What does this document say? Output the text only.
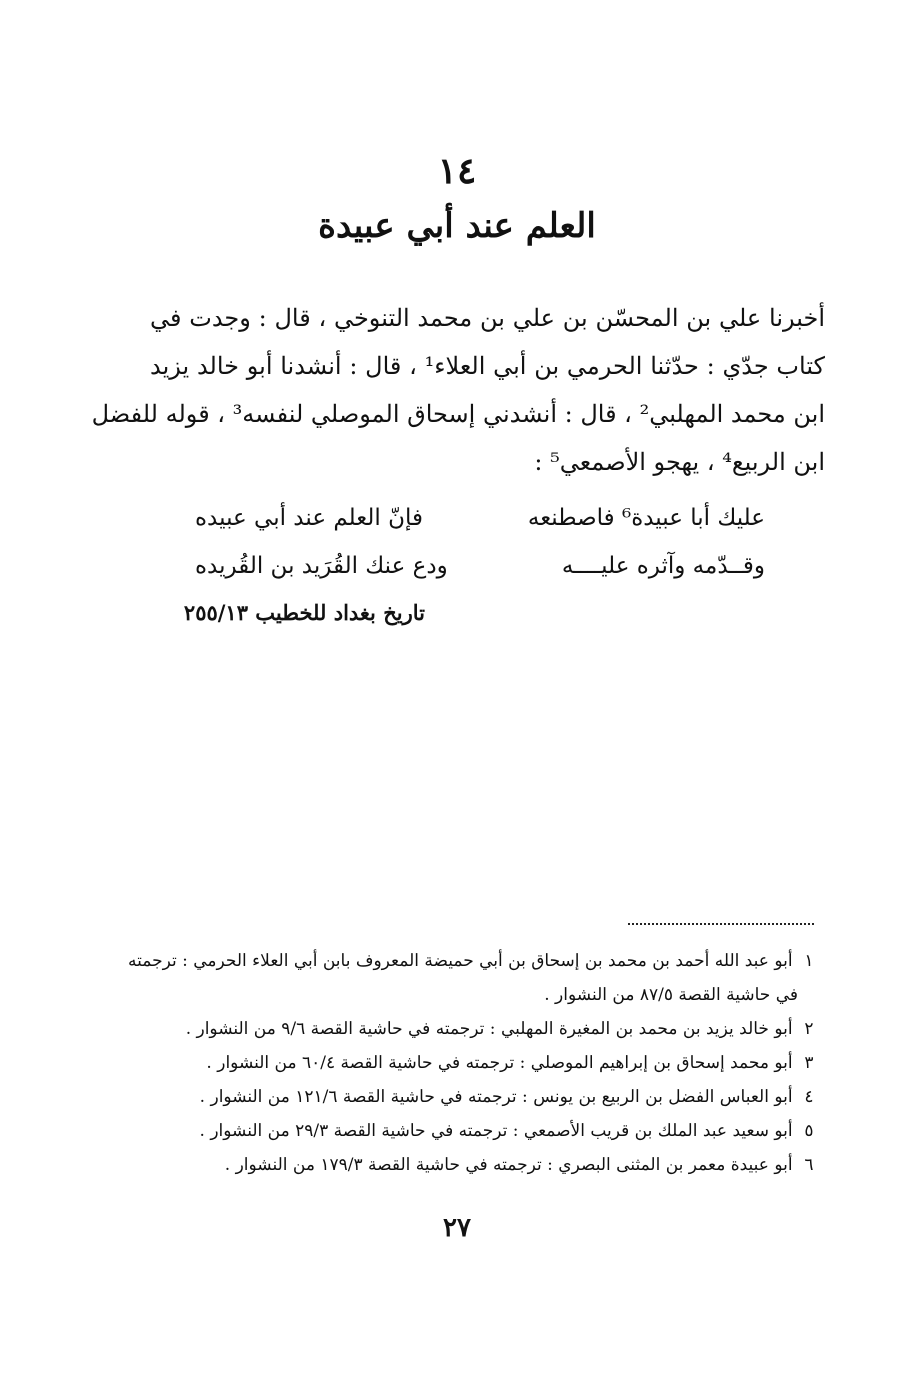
١٤
العلم عند أبي عبيدة
أخبرنا علي بن المحسّن بن علي بن محمد التنوخي ، قال : وجدت في
كتاب جدّي : حدّثنا الحرمي بن أبي العلاء¹ ، قال : أنشدنا أبو خالد يزيد
ابن محمد المهلبي² ، قال : أنشدني إسحاق الموصلي لنفسه³ ، قوله للفضل
ابن الربيع⁴ ، يهجو الأصمعي⁵ :
عليك أبا عبيدة⁶ فاصطنعه
فإنّ العلم عند أبي عبيده
وقــدّمه وآثره عليــــه
ودع عنك القُرَيد بن القُريده
تاريخ بغداد للخطيب ٢٥٥/١٣
١ أبو عبد الله أحمد بن محمد بن إسحاق بن أبي حميضة المعروف بابن أبي العلاء الحرمي : ترجمته
في حاشية القصة ٨٧/٥ من النشوار .
٢ أبو خالد يزيد بن محمد بن المغيرة المهلبي : ترجمته في حاشية القصة ٩/٦ من النشوار .
٣ أبو محمد إسحاق بن إبراهيم الموصلي : ترجمته في حاشية القصة ٦٠/٤ من النشوار .
٤ أبو العباس الفضل بن الربيع بن يونس : ترجمته في حاشية القصة ١٢١/٦ من النشوار .
٥ أبو سعيد عبد الملك بن قريب الأصمعي : ترجمته في حاشية القصة ٢٩/٣ من النشوار .
٦ أبو عبيدة معمر بن المثنى البصري : ترجمته في حاشية القصة ١٧٩/٣ من النشوار .
٢٧
